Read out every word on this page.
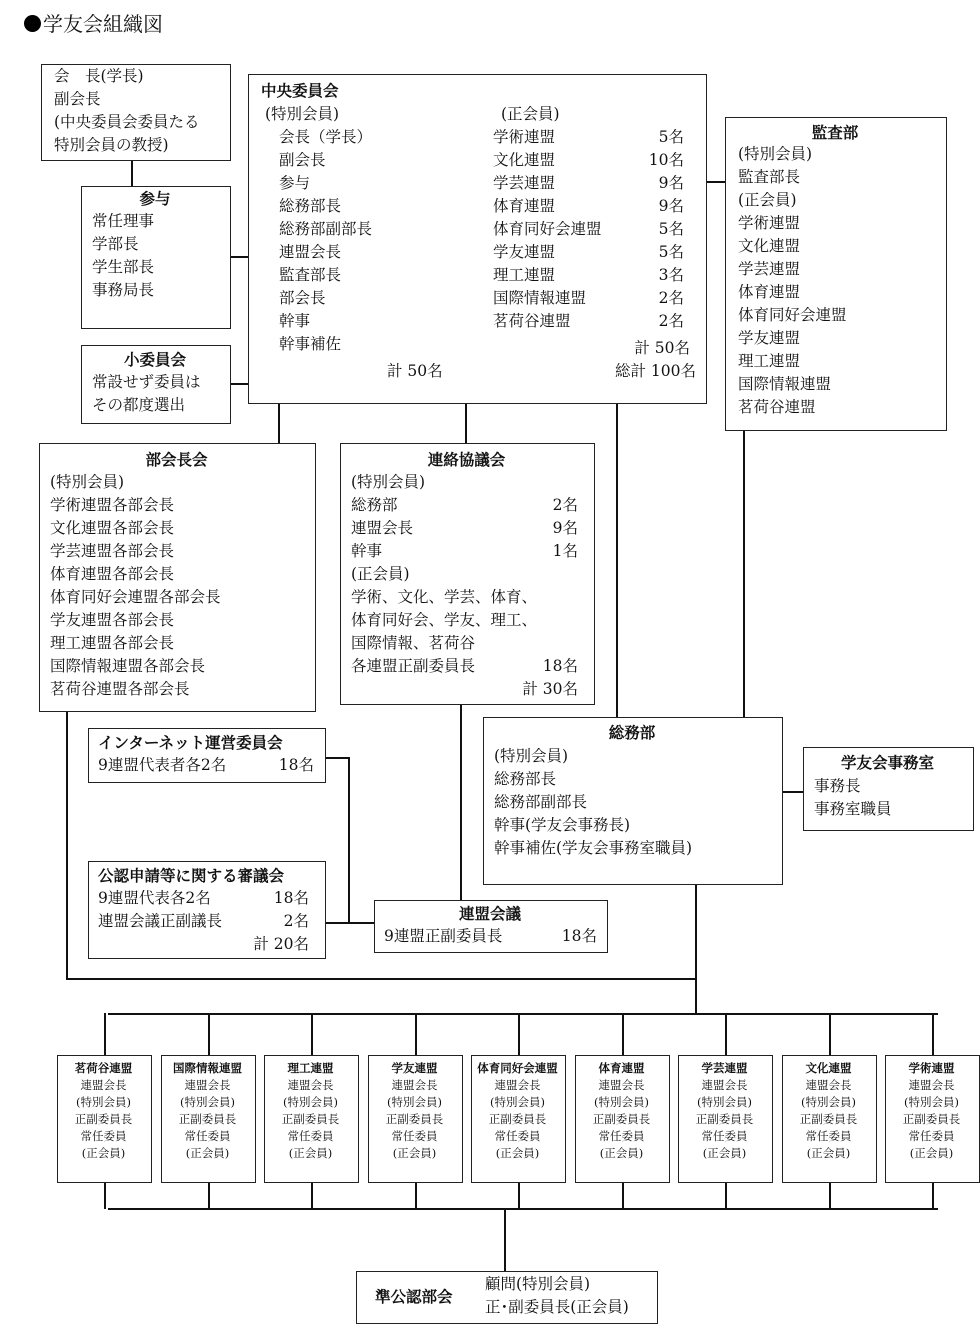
学友会組織図
会　長(学長)
副会長
(中央委員会委員たる
特別会員の教授)
参与
常任理事
学部長
学生部長
事務局長
小委員会
常設せず委員は
その都度選出
中央委員会
(特別会員)
会長（学長）
副会長
参与
総務部長
総務部副部長
連盟会長
監査部長
部会長
幹事
幹事補佐
計 50名
(正会員)
学術連盟	5名
文化連盟	10名
学芸連盟	9名
体育連盟	9名
体育同好会連盟	5名
学友連盟	5名
理工連盟	3名
国際情報連盟	2名
茗荷谷連盟	2名
計 50名
総計 100名
監査部
(特別会員)
監査部長
(正会員)
学術連盟
文化連盟
学芸連盟
体育連盟
体育同好会連盟
学友連盟
理工連盟
国際情報連盟
茗荷谷連盟
部会長会
(特別会員)
学術連盟各部会長
文化連盟各部会長
学芸連盟各部会長
体育連盟各部会長
体育同好会連盟各部会長
学友連盟各部会長
理工連盟各部会長
国際情報連盟各部会長
茗荷谷連盟各部会長
連絡協議会
(特別会員)
総務部	2名
連盟会長	9名
幹事	1名
(正会員)
学術、文化、学芸、体育、
体育同好会、学友、理工、
国際情報、茗荷谷
各連盟正副委員長	18名
計 30名
インターネット運営委員会
9連盟代表者各2名	18名
総務部
(特別会員)
総務部長
総務部副部長
幹事(学友会事務長)
幹事補佐(学友会事務室職員)
学友会事務室
事務長
事務室職員
公認申請等に関する審議会
9連盟代表各2名	18名
連盟会議正副議長	2名
計 20名
連盟会議
9連盟正副委員長	18名
茗荷谷連盟
連盟会長
(特別会員)
正副委員長
常任委員
(正会員)
国際情報連盟
連盟会長
(特別会員)
正副委員長
常任委員
(正会員)
理工連盟
連盟会長
(特別会員)
正副委員長
常任委員
(正会員)
学友連盟
連盟会長
(特別会員)
正副委員長
常任委員
(正会員)
体育同好会連盟
連盟会長
(特別会員)
正副委員長
常任委員
(正会員)
体育連盟
連盟会長
(特別会員)
正副委員長
常任委員
(正会員)
学芸連盟
連盟会長
(特別会員)
正副委員長
常任委員
(正会員)
文化連盟
連盟会長
(特別会員)
正副委員長
常任委員
(正会員)
学術連盟
連盟会長
(特別会員)
正副委員長
常任委員
(正会員)
準公認部会
顧問(特別会員)
正･副委員長(正会員)
